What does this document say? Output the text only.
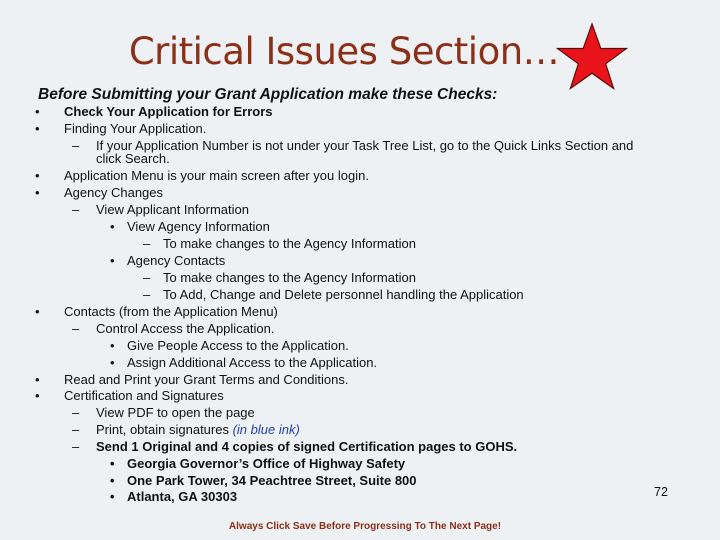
Critical Issues Section…
Before Submitting your Grant Application make these Checks:
• Check Your Application for Errors
• Finding Your Application.
– If your Application Number is not under your Task Tree List, go to the Quick Links Section and
click Search.
• Application Menu is your main screen after you login.
• Agency Changes
– View Applicant Information
• View Agency Information
– To make changes to the Agency Information
• Agency Contacts
– To make changes to the Agency Information
– To Add, Change and Delete personnel handling the Application
• Contacts (from the Application Menu)
– Control Access the Application.
• Give People Access to the Application.
• Assign Additional Access to the Application.
• Read and Print your Grant Terms and Conditions.
• Certification and Signatures
– View PDF to open the page
– Print, obtain signatures (in blue ink)
– Send 1 Original and 4 copies of signed Certification pages to GOHS.
• Georgia Governor’s Office of Highway Safety
• One Park Tower, 34 Peachtree Street, Suite 800
• Atlanta, GA 30303	72
Always Click Save Before Progressing To The Next Page!
